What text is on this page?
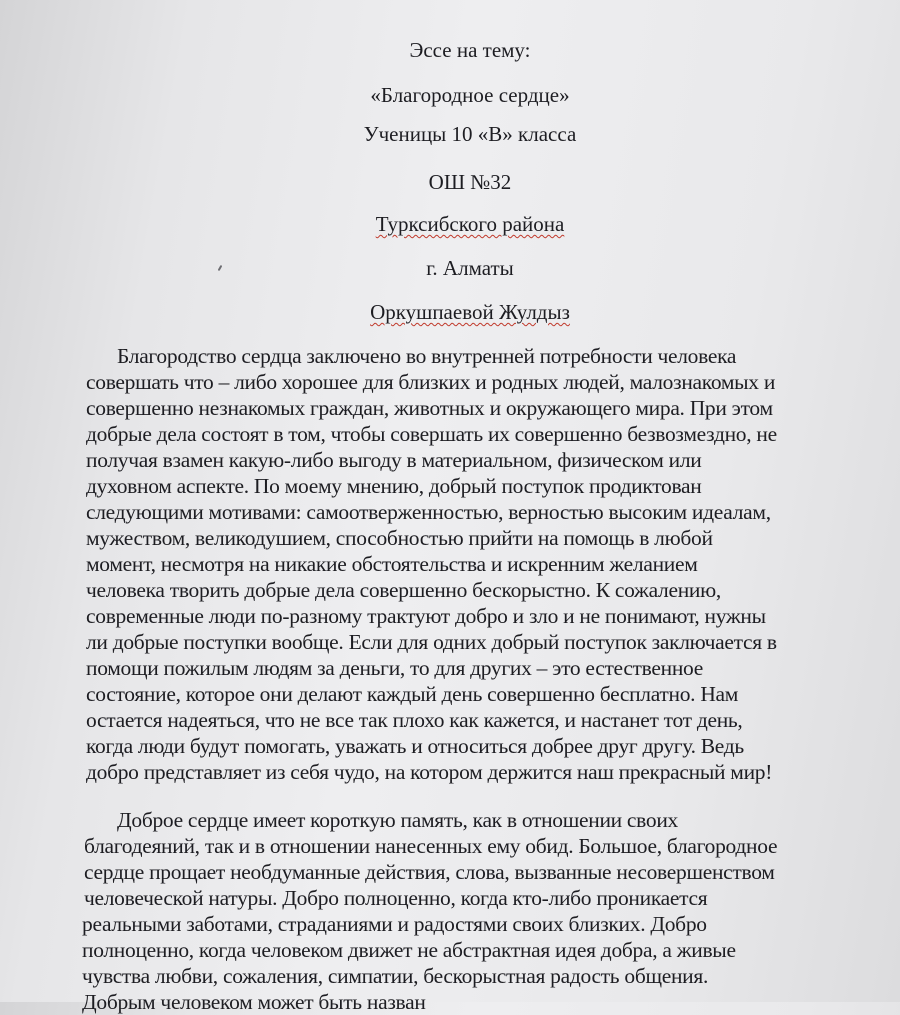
Эссе на тему:
«Благородное сердце»
Ученицы 10 «В» класса
ОШ №32
Турксибского района
г. Алматы
Оркушпаевой Жулдыз
Благородство сердца заключено во внутренней потребности человека
совершать что – либо хорошее для близких и родных людей, малознакомых и
совершенно незнакомых граждан, животных и окружающего мира. При этом
добрые дела состоят в том, чтобы совершать их совершенно безвозмездно, не
получая взамен какую-либо выгоду в материальном, физическом или
духовном аспекте. По моему мнению, добрый поступок продиктован
следующими мотивами: самоотверженностью, верностью высоким идеалам,
мужеством, великодушием, способностью прийти на помощь в любой
момент, несмотря на никакие обстоятельства и искренним желанием
человека творить добрые дела совершенно бескорыстно. К сожалению,
современные люди по-разному трактуют добро и зло и не понимают, нужны
ли добрые поступки вообще. Если для одних добрый поступок заключается в
помощи пожилым людям за деньги, то для других – это естественное
состояние, которое они делают каждый день совершенно бесплатно. Нам
остается надеяться, что не все так плохо как кажется, и настанет тот день,
когда люди будут помогать, уважать и относиться добрее друг другу. Ведь
добро представляет из себя чудо, на котором держится наш прекрасный мир!
Доброе сердце имеет короткую память, как в отношении своих
благодеяний, так и в отношении нанесенных ему обид. Большое, благородное
сердце прощает необдуманные действия, слова, вызванные несовершенством
человеческой натуры. Добро полноценно, когда кто-либо проникается
реальными заботами, страданиями и радостями своих близких. Добро
полноценно, когда человеком движет не абстрактная идея добра, а живые
чувства любви, сожаления, симпатии, бескорыстная радость общения.
Добрым человеком может быть назван
